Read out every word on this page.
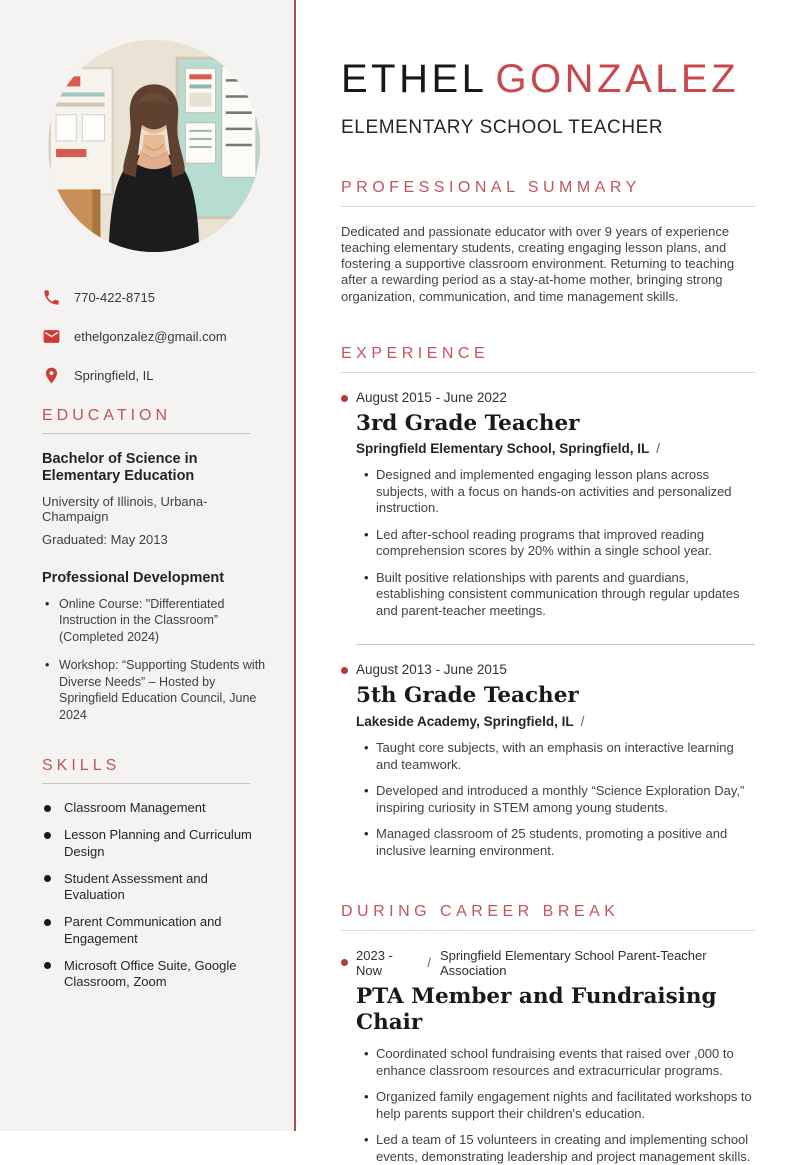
770-422-8715
ethelgonzalez@gmail.com
Springfield, IL
EDUCATION

Bachelor of Science in Elementary Education

University of Illinois, Urbana-Champaign

Graduated: May 2013

Professional Development

• Online Course: "Differentiated Instruction in the Classroom” (Completed 2024)
• Workshop: “Supporting Students with Diverse Needs” – Hosted by Springfield Education Council, June 2024
SKILLS
Classroom Management
Lesson Planning and Curriculum Design
Student Assessment and Evaluation
Parent Communication and Engagement
Microsoft Office Suite, Google Classroom, Zoom
ETHEL GONZALEZ
ELEMENTARY SCHOOL TEACHER
PROFESSIONAL SUMMARY

Dedicated and passionate educator with over 9 years of experience teaching elementary students, creating engaging lesson plans, and fostering a supportive classroom environment. Returning to teaching after a rewarding period as a stay-at-home mother, bringing strong organization, communication, and time management skills.

EXPERIENCE
August 2015 - June 2022
3rd Grade Teacher
Springfield Elementary School, Springfield, IL /
• Designed and implemented engaging lesson plans across subjects, with a focus on hands-on activities and personalized instruction.
• Led after-school reading programs that improved reading comprehension scores by 20% within a single school year.
• Built positive relationships with parents and guardians, establishing consistent communication through regular updates and parent-teacher meetings.
August 2013 - June 2015
5th Grade Teacher
Lakeside Academy, Springfield, IL /
• Taught core subjects, with an emphasis on interactive learning and teamwork.
• Developed and introduced a monthly “Science Exploration Day,” inspiring curiosity in STEM among young students.
• Managed classroom of 25 students, promoting a positive and inclusive learning environment.
DURING CAREER BREAK
2023 - Now	/ Springfield Elementary School Parent-Teacher Association
PTA Member and Fundraising Chair
• Coordinated school fundraising events that raised over ,000 to enhance classroom resources and extracurricular programs.
• Organized family engagement nights and facilitated workshops to help parents support their children's education.
• Led a team of 15 volunteers in creating and implementing school events, demonstrating leadership and project management skills.
